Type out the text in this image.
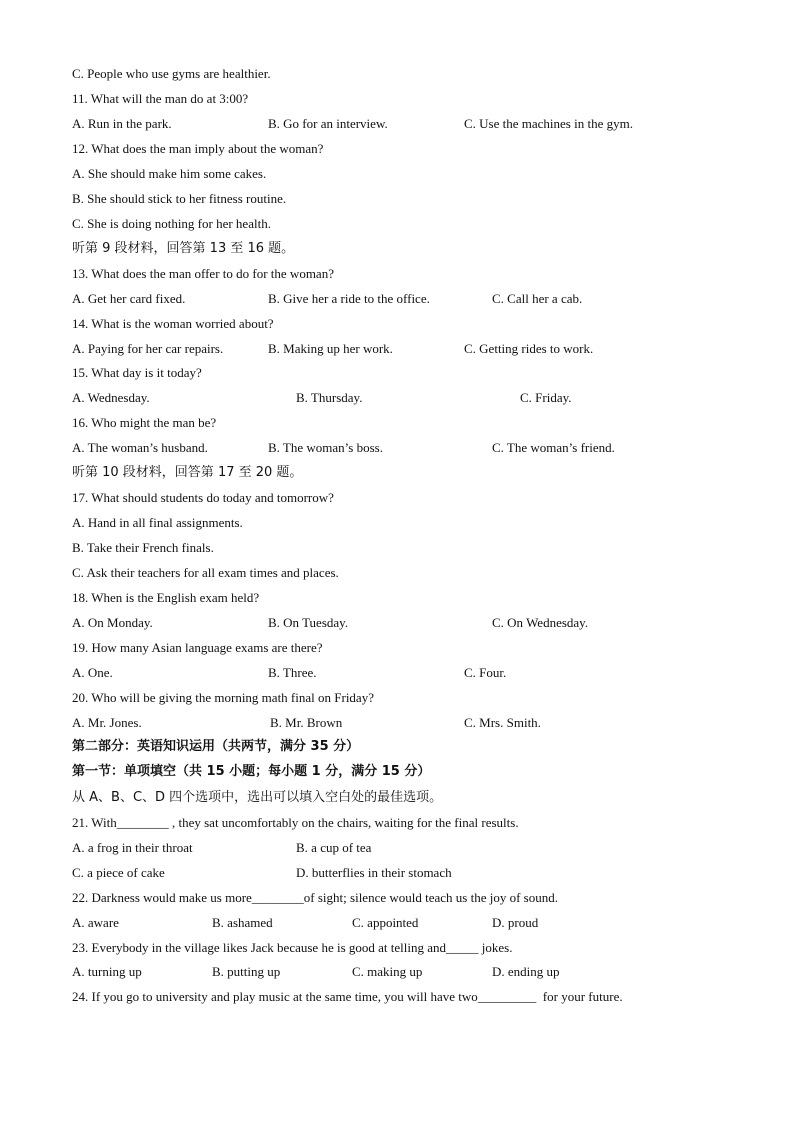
C. People who use gyms are healthier.
11. What will the man do at 3:00?
A. Run in the park.	B. Go for an interview.	C. Use the machines in the gym.
12. What does the man imply about the woman?
A. She should make him some cakes.
B. She should stick to her fitness routine.
C. She is doing nothing for her health.
听第 9 段材料，回答第 13 至 16 题。
13. What does the man offer to do for the woman?
A. Get her card fixed.	B. Give her a ride to the office.	C. Call her a cab.
14. What is the woman worried about?
A. Paying for her car repairs.	B. Making up her work.	C. Getting rides to work.
15. What day is it today?
A. Wednesday.	B. Thursday.	C. Friday.
16. Who might the man be?
A. The woman’s husband.	B. The woman’s boss.	C. The woman’s friend.
听第 10 段材料，回答第 17 至 20 题。
17. What should students do today and tomorrow?
A. Hand in all final assignments.
B. Take their French finals.
C. Ask their teachers for all exam times and places.
18. When is the English exam held?
A. On Monday.	B. On Tuesday.	C. On Wednesday.
19. How many Asian language exams are there?
A. One.	B. Three.	C. Four.
20. Who will be giving the morning math final on Friday?
A. Mr. Jones.	B. Mr. Brown	C. Mrs. Smith.
第二部分：英语知识运用（共两节，满分 35 分）
第一节：单项填空（共 15 小题；每小题 1 分，满分 15 分）
从 A、B、C、D 四个选项中，选出可以填入空白处的最佳选项。
21. With________ , they sat uncomfortably on the chairs, waiting for the final results.
A. a frog in their throat	B. a cup of tea
C. a piece of cake	D. butterflies in their stomach
22. Darkness would make us more________of sight; silence would teach us the joy of sound.
A. aware	B. ashamed	C. appointed	D. proud
23. Everybody in the village likes Jack because he is good at telling and_____ jokes.
A. turning up	B. putting up	C. making up	D. ending up
24. If you go to university and play music at the same time, you will have two_________  for your future.
